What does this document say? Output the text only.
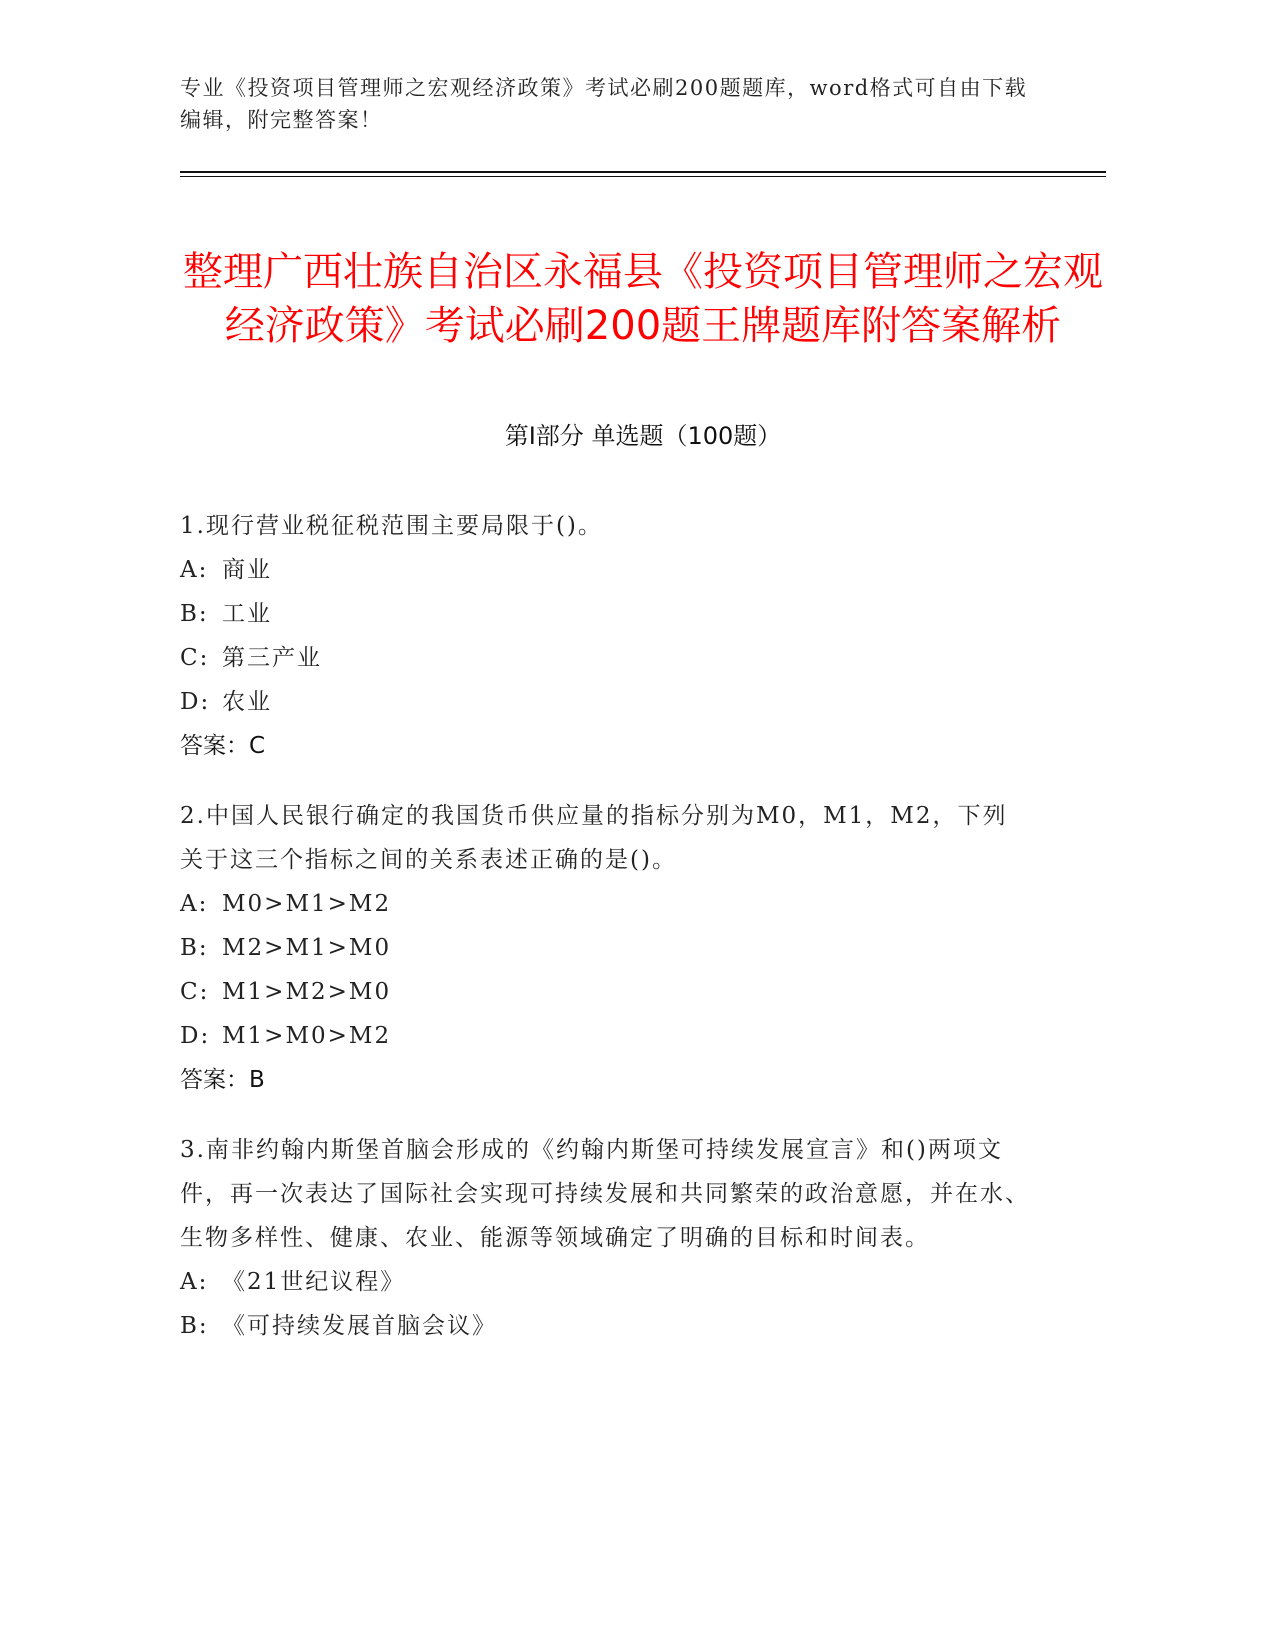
专业《投资项目管理师之宏观经济政策》考试必刷200题题库，word格式可自由下载编辑，附完整答案！
整理广西壮族自治区永福县《投资项目管理师之宏观经济政策》考试必刷200题王牌题库附答案解析
第Ⅰ部分 单选题（100题）
1.现行营业税征税范围主要局限于()。
A: 商业
B: 工业
C: 第三产业
D: 农业
答案：C
2.中国人民银行确定的我国货币供应量的指标分别为M0，M1，M2，下列关于这三个指标之间的关系表述正确的是()。
A: M0>M1>M2
B: M2>M1>M0
C: M1>M2>M0
D: M1>M0>M2
答案：B
3.南非约翰内斯堡首脑会形成的《约翰内斯堡可持续发展宣言》和()两项文件，再一次表达了国际社会实现可持续发展和共同繁荣的政治意愿，并在水、生物多样性、健康、农业、能源等领域确定了明确的目标和时间表。
A: 《21世纪议程》
B: 《可持续发展首脑会议》
